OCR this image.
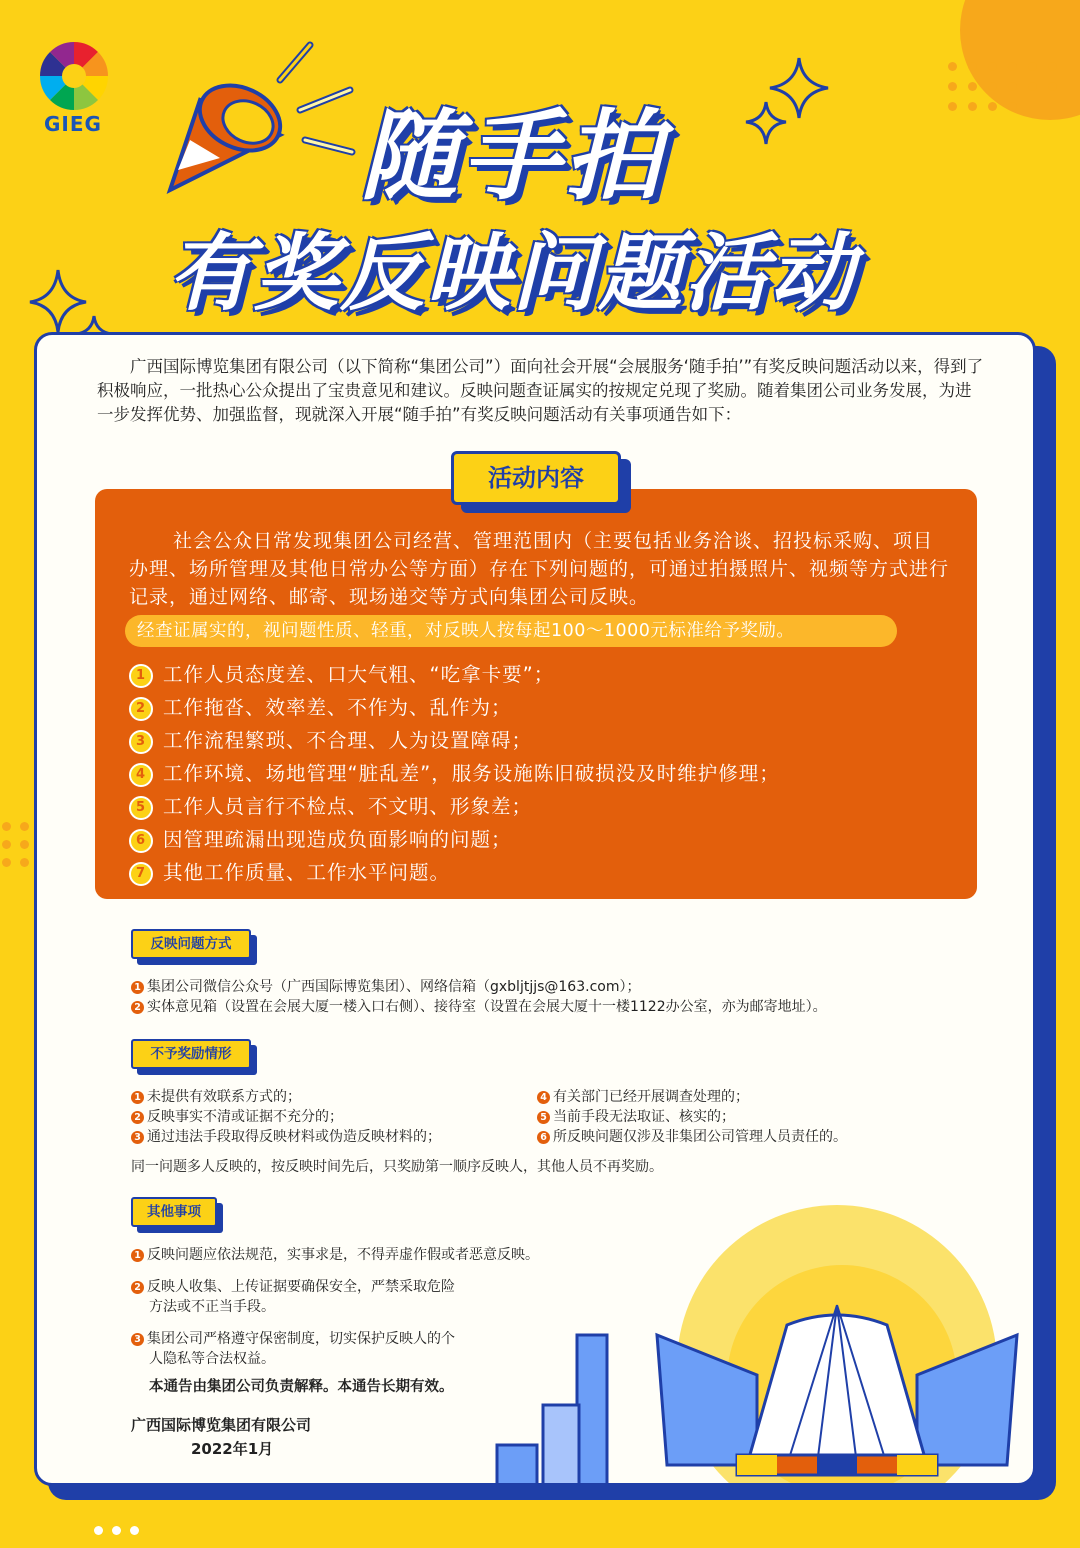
GIEG	随手拍
有奖反映问题活动
广西国际博览集团有限公司（以下简称“集团公司”）面向社会开展“会展服务‘随手拍’”有奖反映问题活动以来，得到了积极响应，一批热心公众提出了宝贵意见和建议。反映问题查证属实的按规定兑现了奖励。随着集团公司业务发展，为进一步发挥优势、加强监督，现就深入开展“随手拍”有奖反映问题活动有关事项通告如下：
社会公众日常发现集团公司经营、管理范围内（主要包括业务洽谈、招投标采购、项目办理、场所管理及其他日常办公等方面）存在下列问题的，可通过拍摄照片、视频等方式进行记录，通过网络、邮寄、现场递交等方式向集团公司反映。
经查证属实的，视问题性质、轻重，对反映人按每起100～1000元标准给予奖励。
1 工作人员态度差、口大气粗、“吃拿卡要”；
2 工作拖沓、效率差、不作为、乱作为；
3 工作流程繁琐、不合理、人为设置障碍；
4 工作环境、场地管理“脏乱差”，服务设施陈旧破损没及时维护修理；
5 工作人员言行不检点、不文明、形象差；
6 因管理疏漏出现造成负面影响的问题；
7 其他工作质量、工作水平问题。
活动内容
反映问题方式
1 集团公司微信公众号（广西国际博览集团）、网络信箱（gxbljtjjs@163.com）；
2 实体意见箱（设置在会展大厦一楼入口右侧）、接待室（设置在会展大厦十一楼1122办公室，亦为邮寄地址）。
不予奖励情形
1 未提供有效联系方式的；
2 反映事实不清或证据不充分的；
3 通过违法手段取得反映材料或伪造反映材料的；
4 有关部门已经开展调查处理的；
5 当前手段无法取证、核实的；
6 所反映问题仅涉及非集团公司管理人员责任的。
同一问题多人反映的，按反映时间先后，只奖励第一顺序反映人，其他人员不再奖励。
其他事项
1 反映问题应依法规范，实事求是，不得弄虚作假或者恶意反映。
2 反映人收集、上传证据要确保安全，严禁采取危险
方法或不正当手段。
3 集团公司严格遵守保密制度，切实保护反映人的个
人隐私等合法权益。
本通告由集团公司负责解释。本通告长期有效。
广西国际博览集团有限公司
2022年1月
